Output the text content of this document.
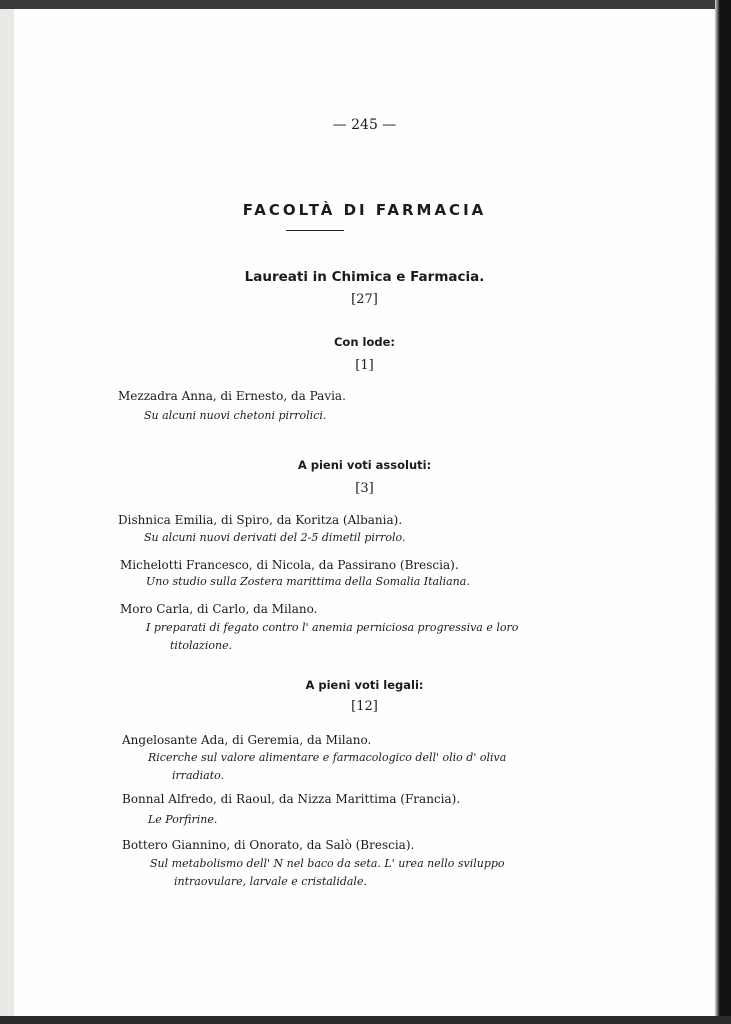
— 245 —
FACOLTÀ DI FARMACIA
Laureati in Chimica e Farmacia.
[27]
Con lode:
[1]
Mezzadra Anna, di Ernesto, da Pavia.
Su alcuni nuovi chetoni pirrolici.
A pieni voti assoluti:
[3]
Dishnica Emilia, di Spiro, da Koritza (Albania).
Su alcuni nuovi derivati del 2-5 dimetil pirrolo.
Michelotti Francesco, di Nicola, da Passirano (Brescia).
Uno studio sulla Zostera marittima della Somalia Italiana.
Moro Carla, di Carlo, da Milano.
I preparati di fegato contro l' anemia perniciosa progressiva e loro
titolazione.
A pieni voti legali:
[12]
Angelosante Ada, di Geremia, da Milano.
Ricerche sul valore alimentare e farmacologico dell' olio d' oliva
irradiato.
Bonnal Alfredo, di Raoul, da Nizza Marittima (Francia).
Le Porfirine.
Bottero Giannino, di Onorato, da Salò (Brescia).
Sul metabolismo dell' N nel baco da seta. L' urea nello sviluppo
intraovulare, larvale e cristalidale.
